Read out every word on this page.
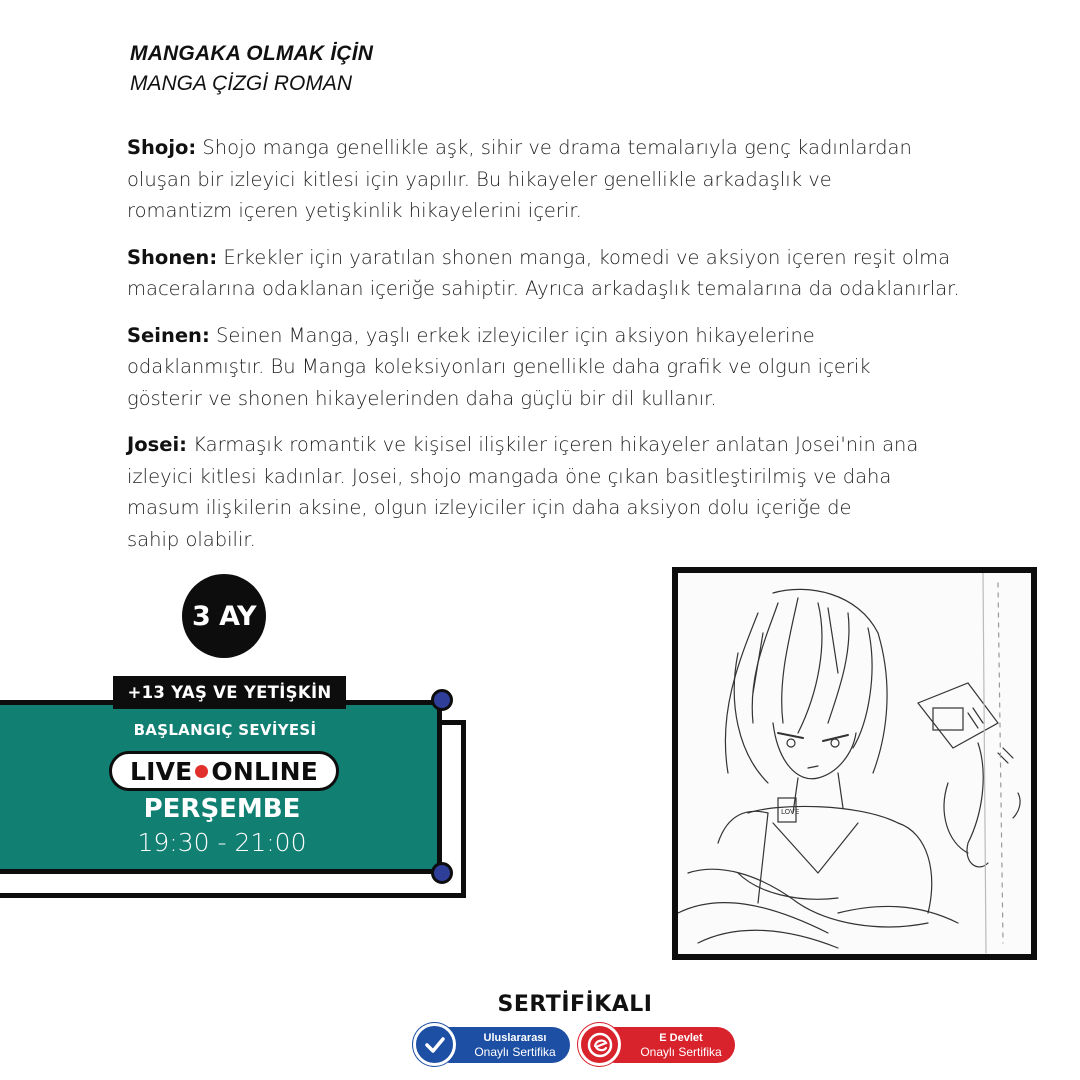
MANGAKA OLMAK İÇİN
MANGA ÇİZGİ ROMAN

Shojo: Shojo manga genellikle aşk, sihir ve drama temalarıyla genç kadınlardan
oluşan bir izleyici kitlesi için yapılır. Bu hikayeler genellikle arkadaşlık ve
romantizm içeren yetişkinlik hikayelerini içerir.

Shonen: Erkekler için yaratılan shonen manga, komedi ve aksiyon içeren reşit olma
maceralarına odaklanan içeriğe sahiptir. Ayrıca arkadaşlık temalarına da odaklanırlar.

Seinen: Seinen Manga, yaşlı erkek izleyiciler için aksiyon hikayelerine
odaklanmıştır. Bu Manga koleksiyonları genellikle daha grafik ve olgun içerik
gösterir ve shonen hikayelerinden daha güçlü bir dil kullanır.

Josei: Karmaşık romantik ve kişisel ilişkiler içeren hikayeler anlatan Josei'nin ana
izleyici kitlesi kadınlar. Josei, shojo mangada öne çıkan basitleştirilmiş ve daha
masum ilişkilerin aksine, olgun izleyiciler için daha aksiyon dolu içeriğe de
sahip olabilir.

3 AY
+13 YAŞ VE YETİŞKİN
BAŞLANGIÇ SEVİYESİ
LIVE ONLINE
PERŞEMBE
19:30 - 21:00
LOVE
SERTİFİKALI
Uluslararası
Onaylı Sertifika
E Devlet
Onaylı Sertifika
